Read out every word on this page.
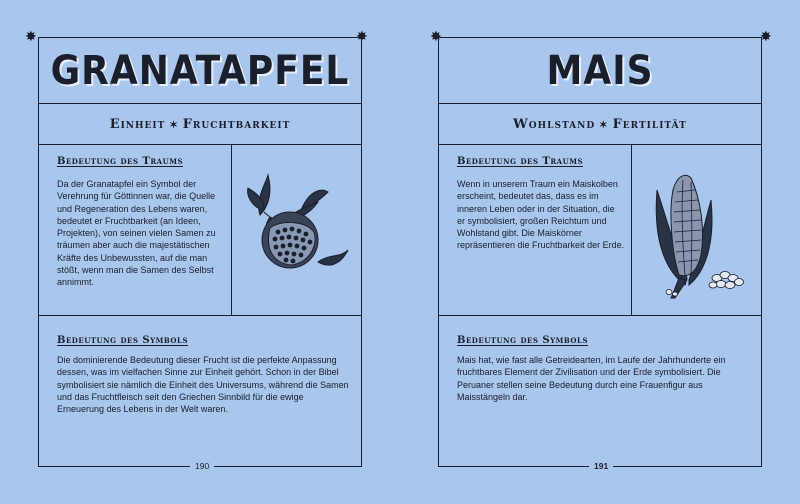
✸	✸
GRANATAPFEL
Einheit ✶ Fruchtbarkeit
Bedeutung des Traums
Da der Granatapfel ein Symbol der Verehrung für Göttinnen war, die Quelle und Regeneration des Lebens waren, bedeutet er Fruchtbarkeit (an Ideen, Projekten), von seinen vielen Samen zu träumen aber auch die majestätischen Kräfte des Unbewussten, auf die man stößt, wenn man die Samen des Selbst annimmt.
Bedeutung des Symbols
Die dominierende Bedeutung dieser Frucht ist die perfekte Anpassung dessen, was im vielfachen Sinne zur Einheit gehört. Schon in der Bibel symbolisiert sie nämlich die Einheit des Universums, während die Samen und das Fruchtfleisch seit den Griechen Sinnbild für die ewige Erneuerung des Lebens in der Welt waren.
190
✸	✸
MAIS
Wohlstand ✶ Fertilität
Bedeutung des Traums
Wenn in unserem Traum ein Maiskolben erscheint, bedeutet das, dass es im inneren Leben oder in der Situation, die er symbolisiert, großen Reichtum und Wohlstand gibt. Die Maiskörner repräsentieren die Fruchtbarkeit der Erde.
Bedeutung des Symbols
Mais hat, wie fast alle Getreidearten, im Laufe der Jahrhunderte ein fruchtbares Element der Zivilisation und der Erde symbolisiert. Die Peruaner stellen seine Bedeutung durch eine Frauenfigur aus Maisstängeln dar.
191
